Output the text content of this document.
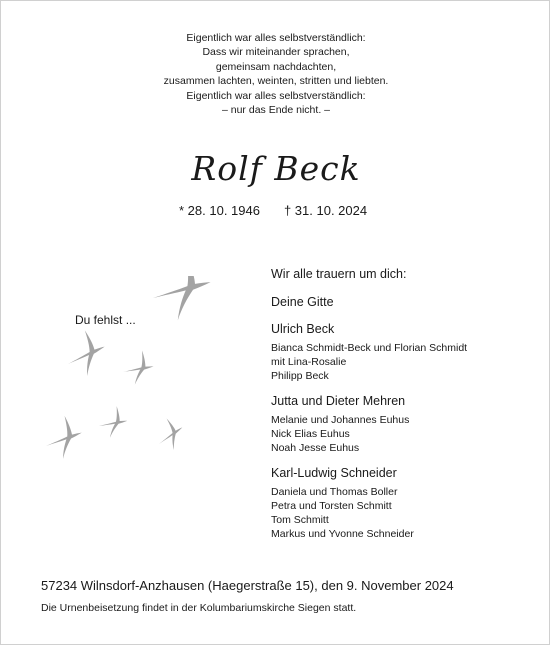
Eigentlich war alles selbstverständlich:
Dass wir miteinander sprachen,
gemeinsam nachdachten,
zusammen lachten, weinten, stritten und liebten.
Eigentlich war alles selbstverständlich:
– nur das Ende nicht. –
Rolf Beck
* 28. 10. 1946 † 31. 10. 2024
Du fehlst ...
Wir alle trauern um dich:
Deine Gitte
Ulrich Beck
Bianca Schmidt-Beck und Florian Schmidt
mit Lina-Rosalie
Philipp Beck
Jutta und Dieter Mehren
Melanie und Johannes Euhus
Nick Elias Euhus
Noah Jesse Euhus
Karl-Ludwig Schneider
Daniela und Thomas Boller
Petra und Torsten Schmitt
Tom Schmitt
Markus und Yvonne Schneider
57234 Wilnsdorf-Anzhausen (Haegerstraße 15), den 9. November 2024
Die Urnenbeisetzung findet in der Kolumbariumskirche Siegen statt.
